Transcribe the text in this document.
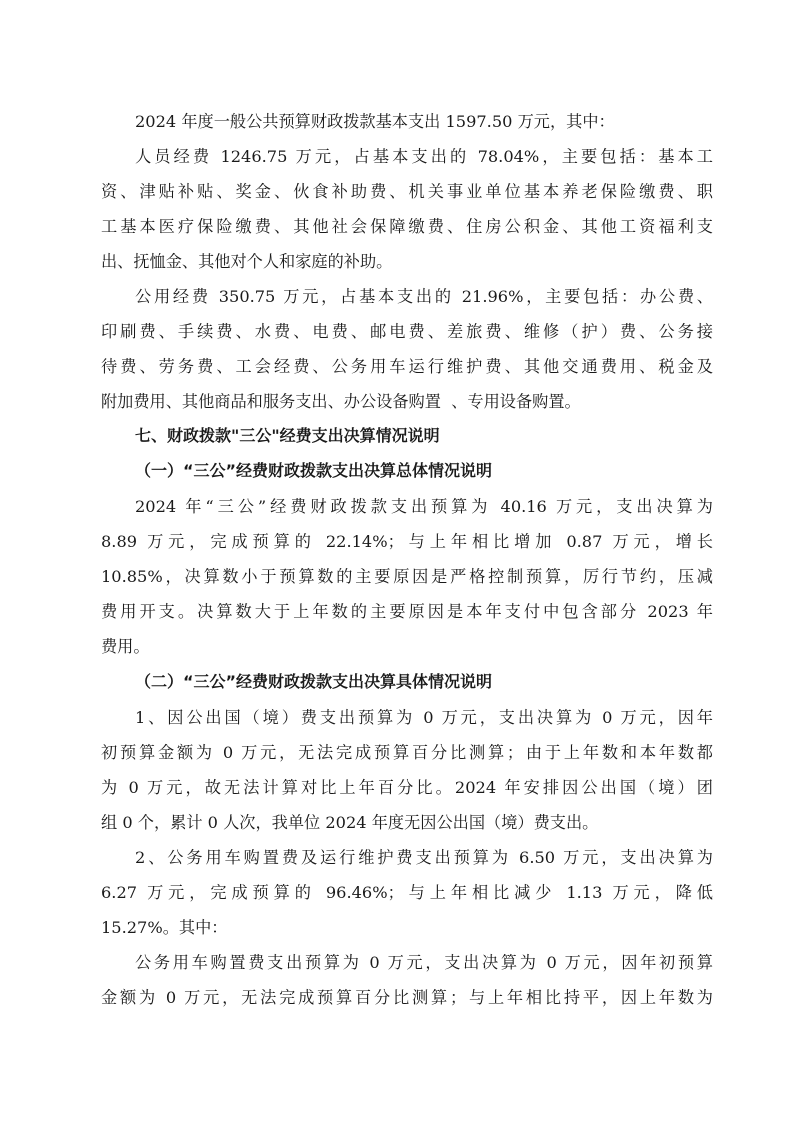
2024 年度一般公共预算财政拨款基本支出 1597.50 万元，其中：
人员经费 1246.75 万元，占基本支出的 78.04%，主要包括：基本工
资、津贴补贴、奖金、伙食补助费、机关事业单位基本养老保险缴费、职
工基本医疗保险缴费、其他社会保障缴费、住房公积金、其他工资福利支
出、抚恤金、其他对个人和家庭的补助。
公用经费 350.75 万元，占基本支出的 21.96%，主要包括：办公费、
印刷费、手续费、水费、电费、邮电费、差旅费、维修（护）费、公务接
待费、劳务费、工会经费、公务用车运行维护费、其他交通费用、税金及
附加费用、其他商品和服务支出、办公设备购置  、专用设备购置。
七、财政拨款"三公"经费支出决算情况说明
（一）“三公”经费财政拨款支出决算总体情况说明
2024 年“三公”经费财政拨款支出预算为 40.16 万元，支出决算为
8.89 万元，完成预算的 22.14%；与上年相比增加 0.87 万元，增长
10.85%，决算数小于预算数的主要原因是严格控制预算，厉行节约，压减
费用开支。决算数大于上年数的主要原因是本年支付中包含部分 2023 年
费用。
（二）“三公”经费财政拨款支出决算具体情况说明
1、因公出国（境）费支出预算为 0 万元，支出决算为 0 万元，因年
初预算金额为 0 万元，无法完成预算百分比测算；由于上年数和本年数都
为 0 万元，故无法计算对比上年百分比。2024 年安排因公出国（境）团
组 0 个，累计 0 人次，我单位 2024 年度无因公出国（境）费支出。
2、公务用车购置费及运行维护费支出预算为 6.50 万元，支出决算为
6.27 万元，完成预算的 96.46%；与上年相比减少 1.13 万元，降低
15.27%。其中：
公务用车购置费支出预算为 0 万元，支出决算为 0 万元，因年初预算
金额为 0 万元，无法完成预算百分比测算；与上年相比持平，因上年数为
